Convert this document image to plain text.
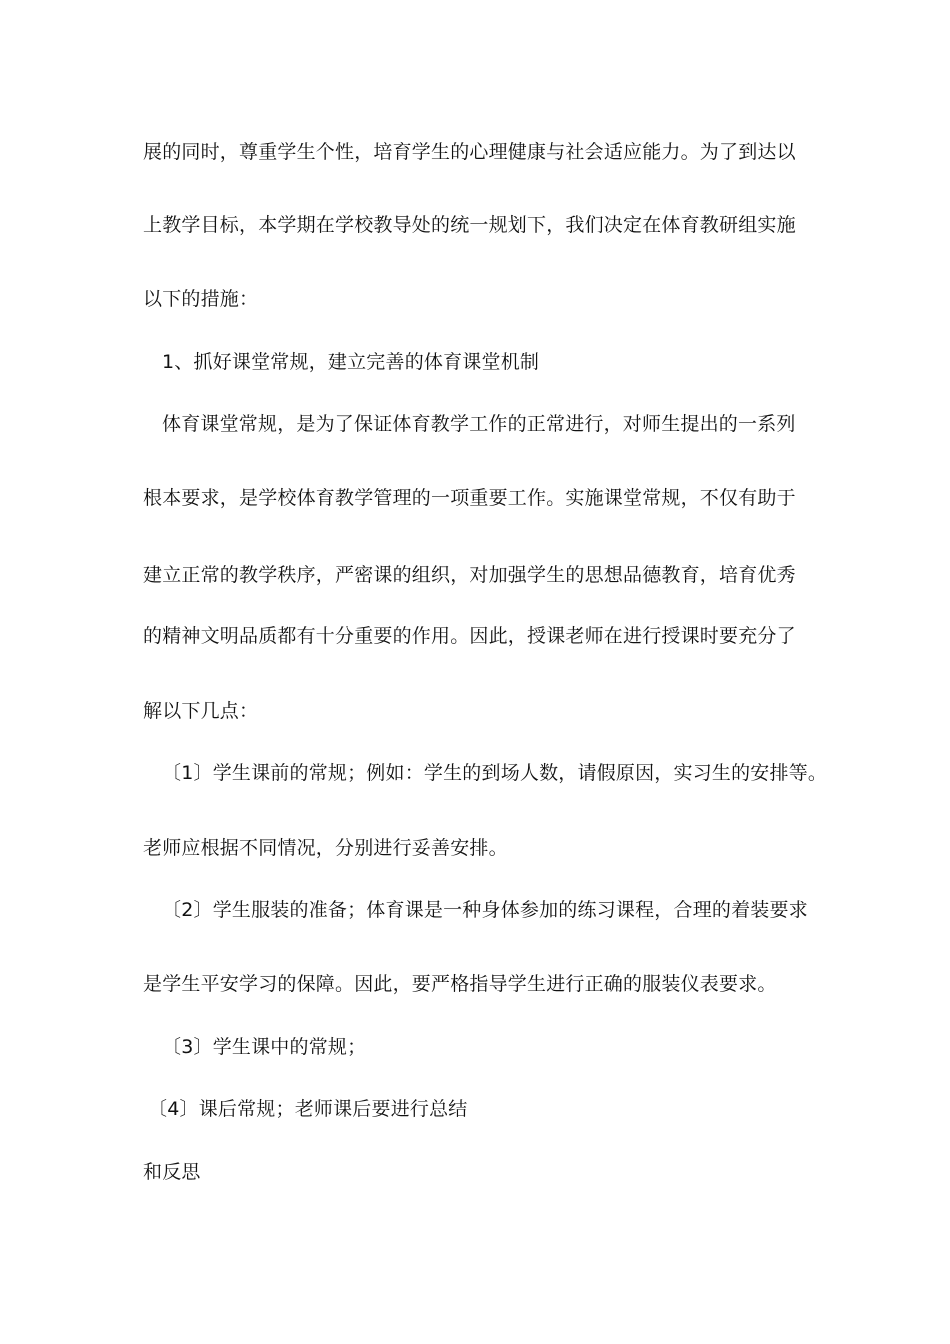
展的同时，尊重学生个性，培育学生的心理健康与社会适应能力。为了到达以
上教学目标，本学期在学校教导处的统一规划下，我们决定在体育教研组实施
以下的措施：
1、抓好课堂常规，建立完善的体育课堂机制
体育课堂常规，是为了保证体育教学工作的正常进行，对师生提出的一系列
根本要求，是学校体育教学管理的一项重要工作。实施课堂常规，不仅有助于
建立正常的教学秩序，严密课的组织，对加强学生的思想品德教育，培育优秀
的精神文明品质都有十分重要的作用。因此，授课老师在进行授课时要充分了
解以下几点：
〔1〕学生课前的常规；例如：学生的到场人数，请假原因，实习生的安排等。
老师应根据不同情况，分别进行妥善安排。
〔2〕学生服装的准备；体育课是一种身体参加的练习课程，合理的着装要求
是学生平安学习的保障。因此，要严格指导学生进行正确的服装仪表要求。
〔3〕学生课中的常规；
〔4〕课后常规；老师课后要进行总结
和反思
